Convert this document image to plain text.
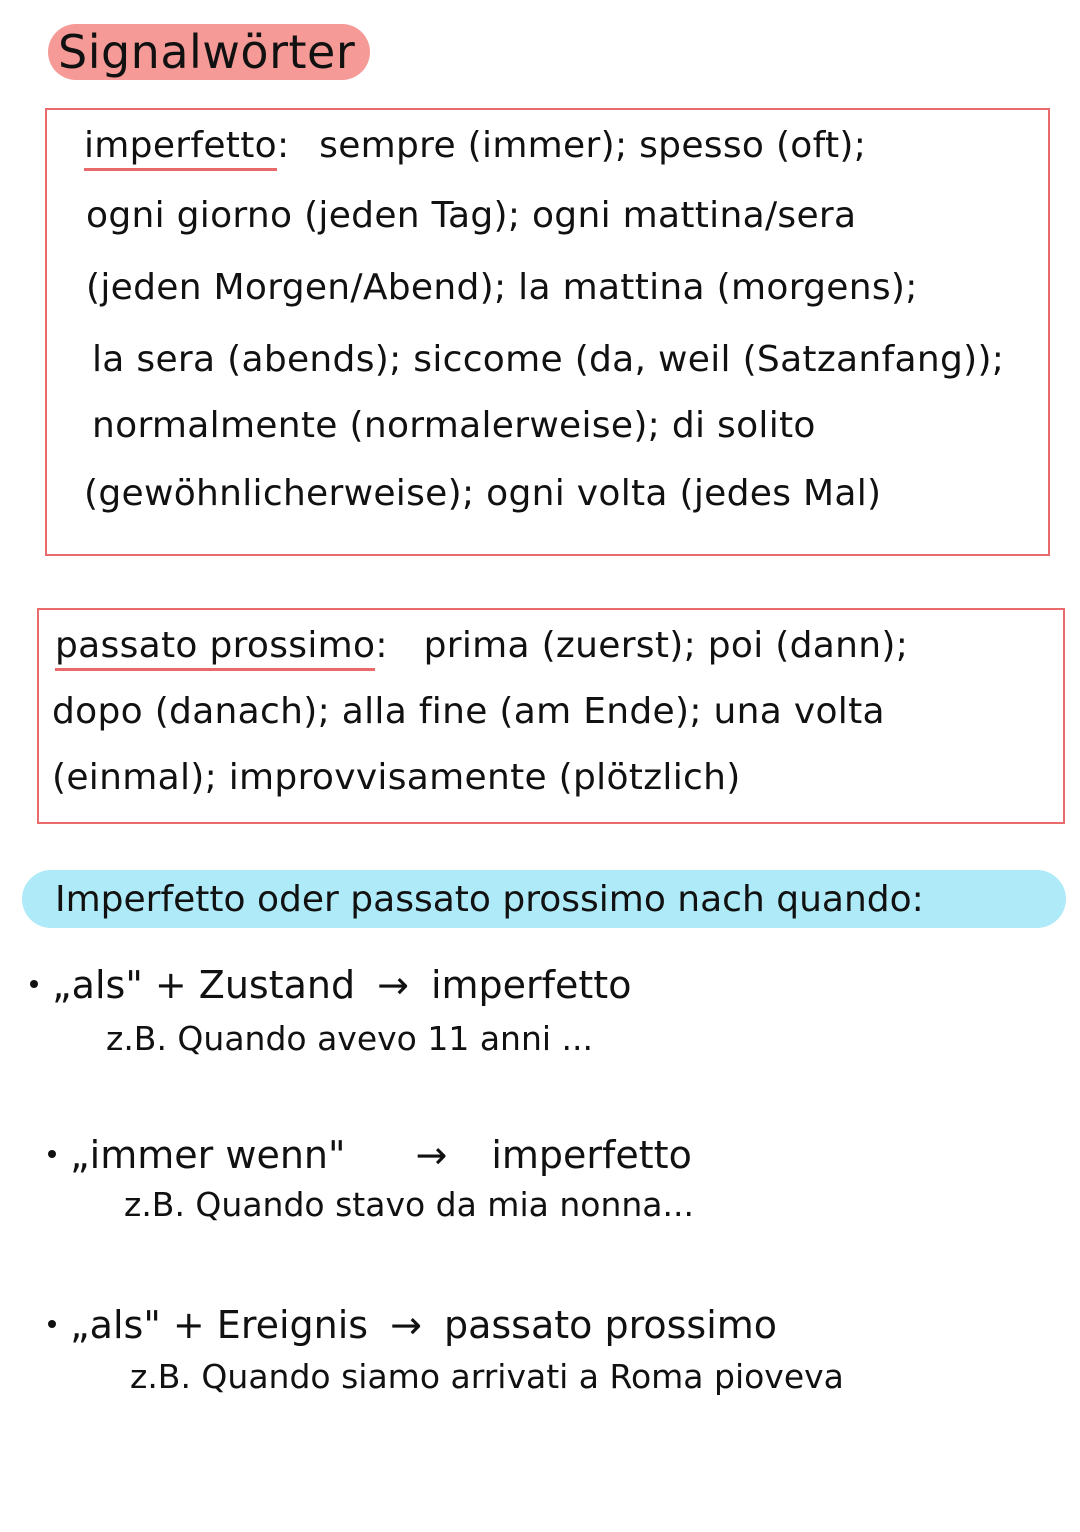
Signalwörter
imperfetto: sempre (immer); spesso (oft);
ogni giorno (jeden Tag); ogni mattina/sera
(jeden Morgen/Abend); la mattina (morgens);
la sera (abends); siccome (da, weil (Satzanfang));
normalmente (normalerweise); di solito
(gewöhnlicherweise); ogni volta (jedes Mal)
passato prossimo: prima (zuerst); poi (dann);
dopo (danach); alla fine (am Ende); una volta
(einmal); improvvisamente (plötzlich)
Imperfetto oder passato prossimo nach quando:
„als" + Zustand → imperfetto
z.B. Quando avevo 11 anni ...
„immer wenn" → imperfetto
z.B. Quando stavo da mia nonna...
„als" + Ereignis → passato prossimo
z.B. Quando siamo arrivati a Roma pioveva
